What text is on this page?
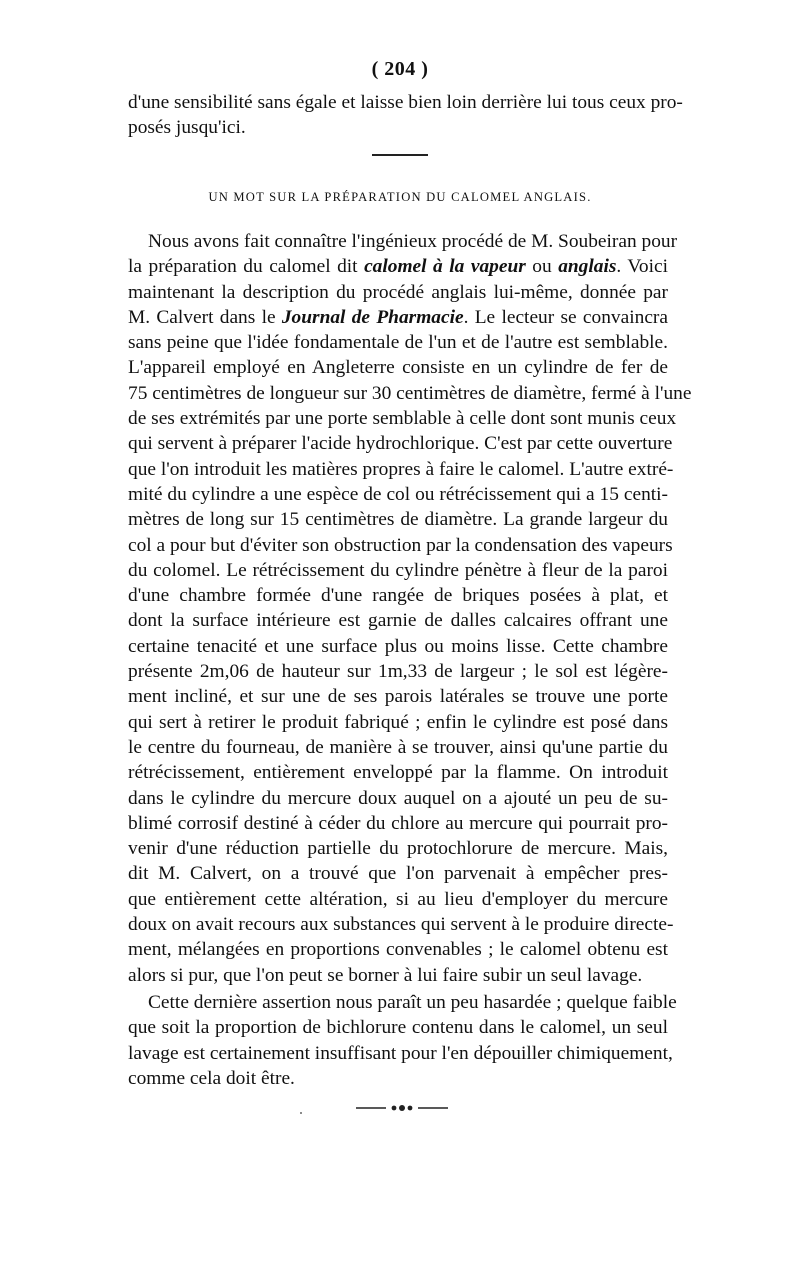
( 204 )
d'une sensibilité sans égale et laisse bien loin derrière lui tous ceux pro-
posés jusqu'ici.
UN MOT SUR LA PRÉPARATION DU CALOMEL ANGLAIS.
Nous avons fait connaître l'ingénieux procédé de M. Soubeiran pour
la préparation du calomel dit calomel à la vapeur ou anglais. Voici
maintenant la description du procédé anglais lui-même, donnée par
M. Calvert dans le Journal de Pharmacie. Le lecteur se convaincra
sans peine que l'idée fondamentale de l'un et de l'autre est semblable.
L'appareil employé en Angleterre consiste en un cylindre de fer de
75 centimètres de longueur sur 30 centimètres de diamètre, fermé à l'une
de ses extrémités par une porte semblable à celle dont sont munis ceux
qui servent à préparer l'acide hydrochlorique. C'est par cette ouverture
que l'on introduit les matières propres à faire le calomel. L'autre extré-
mité du cylindre a une espèce de col ou rétrécissement qui a 15 centi-
mètres de long sur 15 centimètres de diamètre. La grande largeur du
col a pour but d'éviter son obstruction par la condensation des vapeurs
du colomel. Le rétrécissement du cylindre pénètre à fleur de la paroi
d'une chambre formée d'une rangée de briques posées à plat, et
dont la surface intérieure est garnie de dalles calcaires offrant une
certaine tenacité et une surface plus ou moins lisse. Cette chambre
présente 2m,06 de hauteur sur 1m,33 de largeur ; le sol est légère-
ment incliné, et sur une de ses parois latérales se trouve une porte
qui sert à retirer le produit fabriqué ; enfin le cylindre est posé dans
le centre du fourneau, de manière à se trouver, ainsi qu'une partie du
rétrécissement, entièrement enveloppé par la flamme. On introduit
dans le cylindre du mercure doux auquel on a ajouté un peu de su-
blimé corrosif destiné à céder du chlore au mercure qui pourrait pro-
venir d'une réduction partielle du protochlorure de mercure. Mais,
dit M. Calvert, on a trouvé que l'on parvenait à empêcher pres-
que entièrement cette altération, si au lieu d'employer du mercure
doux on avait recours aux substances qui servent à le produire directe-
ment, mélangées en proportions convenables ; le calomel obtenu est
alors si pur, que l'on peut se borner à lui faire subir un seul lavage.
Cette dernière assertion nous paraît un peu hasardée ; quelque faible
que soit la proportion de bichlorure contenu dans le calomel, un seul
lavage est certainement insuffisant pour l'en dépouiller chimiquement,
comme cela doit être.
